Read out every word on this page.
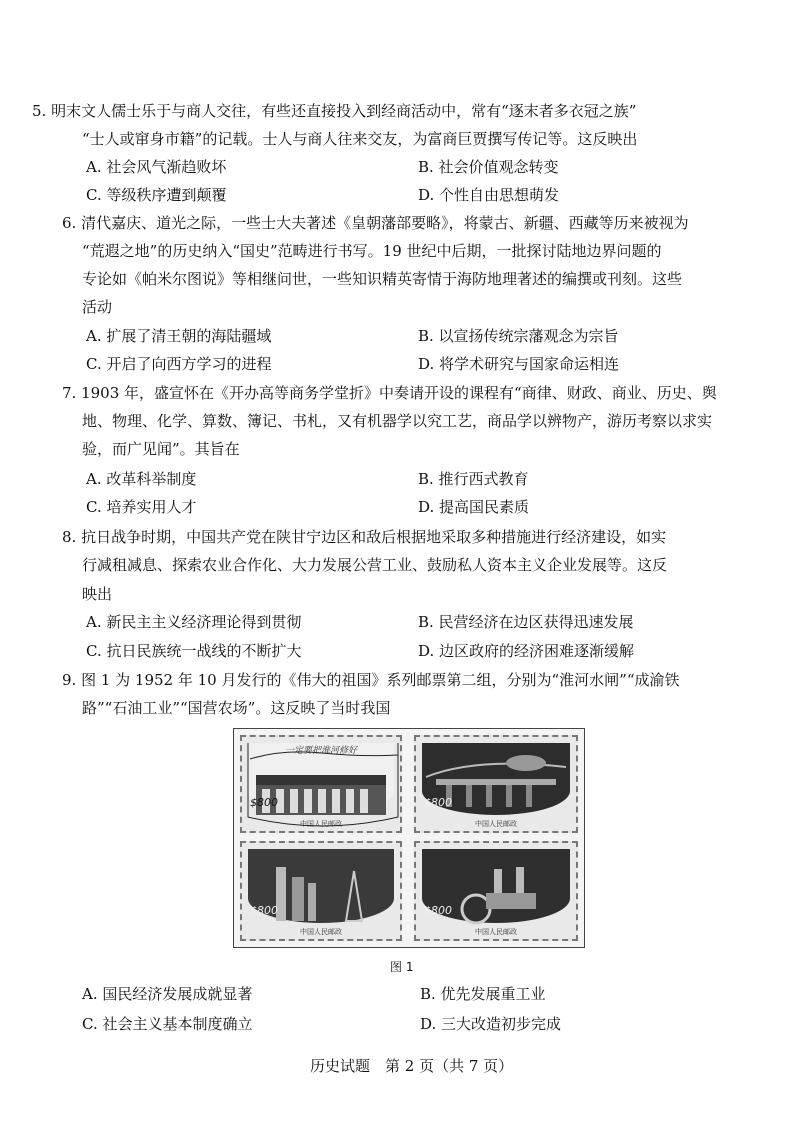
5. 明末文人儒士乐于与商人交往，有些还直接投入到经商活动中，常有“逐末者多衣冠之族”
“士人或窜身市籍”的记载。士人与商人往来交友，为富商巨贾撰写传记等。这反映出
A. 社会风气渐趋败坏	B. 社会价值观念转变
C. 等级秩序遭到颠覆	D. 个性自由思想萌发
6. 清代嘉庆、道光之际，一些士大夫著述《皇朝藩部要略》，将蒙古、新疆、西藏等历来被视为
“荒遐之地”的历史纳入“国史”范畴进行书写。19 世纪中后期，一批探讨陆地边界问题的
专论如《帕米尔图说》等相继问世，一些知识精英寄情于海防地理著述的编撰或刊刻。这些
活动
A. 扩展了清王朝的海陆疆域	B. 以宣扬传统宗藩观念为宗旨
C. 开启了向西方学习的进程	D. 将学术研究与国家命运相连
7. 1903 年，盛宣怀在《开办高等商务学堂折》中奏请开设的课程有“商律、财政、商业、历史、舆
地、物理、化学、算数、簿记、书札，又有机器学以究工艺，商品学以辨物产，游历考察以求实
验，而广见闻”。其旨在
A. 改革科举制度	B. 推行西式教育
C. 培养实用人才	D. 提高国民素质
8. 抗日战争时期，中国共产党在陕甘宁边区和敌后根据地采取多种措施进行经济建设，如实
行减租减息、探索农业合作化、大力发展公营工业、鼓励私人资本主义企业发展等。这反
映出
A. 新民主主义经济理论得到贯彻	B. 民营经济在边区获得迅速发展
C. 抗日民族统一战线的不断扩大	D. 边区政府的经济困难逐渐缓解
9. 图 1 为 1952 年 10 月发行的《伟大的祖国》系列邮票第二组，分别为“淮河水闸”“成渝铁
路”“石油工业”“国营农场”。这反映了当时我国
一定要把淮河修好
$800
中国人民邮政
$800
中国人民邮政
$800
中国人民邮政
$800
中国人民邮政
图 1
A. 国民经济发展成就显著	B. 优先发展重工业
C. 社会主义基本制度确立	D. 三大改造初步完成
历史试题　第 2 页（共 7 页）
